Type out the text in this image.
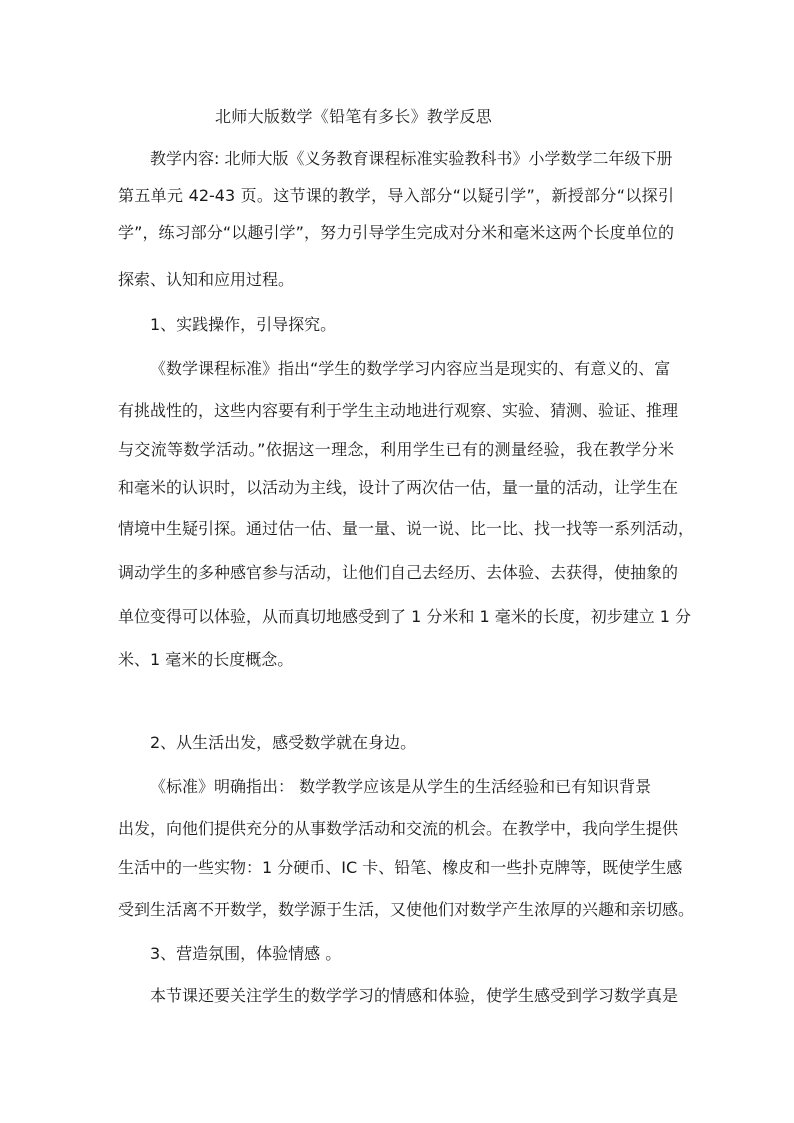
北师大版数学《铅笔有多长》教学反思
教学内容: 北师大版《义务教育课程标准实验教科书》小学数学二年级下册
第五单元 42-43 页。这节课的教学，导入部分“以疑引学”，新授部分“以探引
学”，练习部分“以趣引学”，努力引导学生完成对分米和毫米这两个长度单位的
探索、认知和应用过程。
1、实践操作，引导探究。
《数学课程标准》指出“学生的数学学习内容应当是现实的、有意义的、富
有挑战性的，这些内容要有利于学生主动地进行观察、实验、猜测、验证、推理
与交流等数学活动。”依据这一理念，利用学生已有的测量经验，我在教学分米
和毫米的认识时，以活动为主线，设计了两次估一估，量一量的活动，让学生在
情境中生疑引探。通过估一估、量一量、说一说、比一比、找一找等一系列活动，
调动学生的多种感官参与活动，让他们自己去经历、去体验、去获得，使抽象的
单位变得可以体验，从而真切地感受到了 1 分米和 1 毫米的长度，初步建立 1 分
米、1 毫米的长度概念。
2、从生活出发，感受数学就在身边。
《标准》明确指出： 数学教学应该是从学生的生活经验和已有知识背景
出发，向他们提供充分的从事数学活动和交流的机会。在教学中，我向学生提供
生活中的一些实物：1 分硬币、IC 卡、铅笔、橡皮和一些扑克牌等，既使学生感
受到生活离不开数学，数学源于生活，又使他们对数学产生浓厚的兴趣和亲切感。
3、营造氛围，体验情感 。
本节课还要关注学生的数学学习的情感和体验，使学生感受到学习数学真是
